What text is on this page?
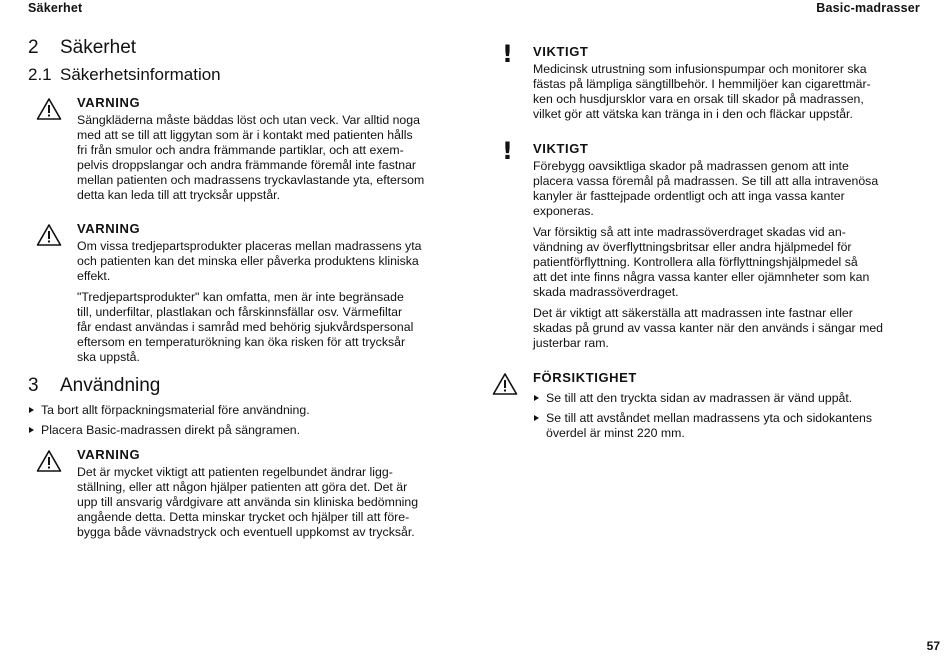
Säkerhet	Basic-madrasser
2 Säkerhet
2.1 Säkerhetsinformation
VARNING
Sängkläderna måste bäddas löst och utan veck. Var alltid noga
med att se till att liggytan som är i kontakt med patienten hålls
fri från smulor och andra främmande partiklar, och att exem-
pelvis droppslangar och andra främmande föremål inte fastnar
mellan patienten och madrassens tryckavlastande yta, eftersom
detta kan leda till att trycksår uppstår.
VARNING

Om vissa tredjepartsprodukter placeras mellan madrassens yta
och patienten kan det minska eller påverka produktens kliniska
effekt.

"Tredjepartsprodukter" kan omfatta, men är inte begränsade
till, underfiltar, plastlakan och fårskinnsfällar osv. Värmefiltar
får endast användas i samråd med behörig sjukvårdspersonal
eftersom en temperaturökning kan öka risken för att trycksår
ska uppstå.

3 Användning
Ta bort allt förpackningsmaterial före användning.
Placera Basic-madrassen direkt på sängramen.
VARNING
Det är mycket viktigt att patienten regelbundet ändrar ligg-
ställning, eller att någon hjälper patienten att göra det. Det är
upp till ansvarig vårdgivare att använda sin kliniska bedömning
angående detta. Detta minskar trycket och hjälper till att före-
bygga både vävnadstryck och eventuell uppkomst av trycksår.
! VIKTIGT
Medicinsk utrustning som infusionspumpar och monitorer ska
fästas på lämpliga sängtillbehör. I hemmiljöer kan cigarettmär-
ken och husdjursklor vara en orsak till skador på madrassen,
vilket gör att vätska kan tränga in i den och fläckar uppstår.
! VIKTIGT

Förebygg oavsiktliga skador på madrassen genom att inte
placera vassa föremål på madrassen. Se till att alla intravenösa
kanyler är fasttejpade ordentligt och att inga vassa kanter
exponeras.

Var försiktig så att inte madrassöverdraget skadas vid an-
vändning av överflyttningsbritsar eller andra hjälpmedel för
patientförflyttning. Kontrollera alla förflyttningshjälpmedel så
att det inte finns några vassa kanter eller ojämnheter som kan
skada madrassöverdraget.

Det är viktigt att säkerställa att madrassen inte fastnar eller
skadas på grund av vassa kanter när den används i sängar med
justerbar ram.

FÖRSIKTIGHET
Se till att den tryckta sidan av madrassen är vänd uppåt.
Se till att avståndet mellan madrassens yta och sidokantens
överdel är minst 220 mm.
57
